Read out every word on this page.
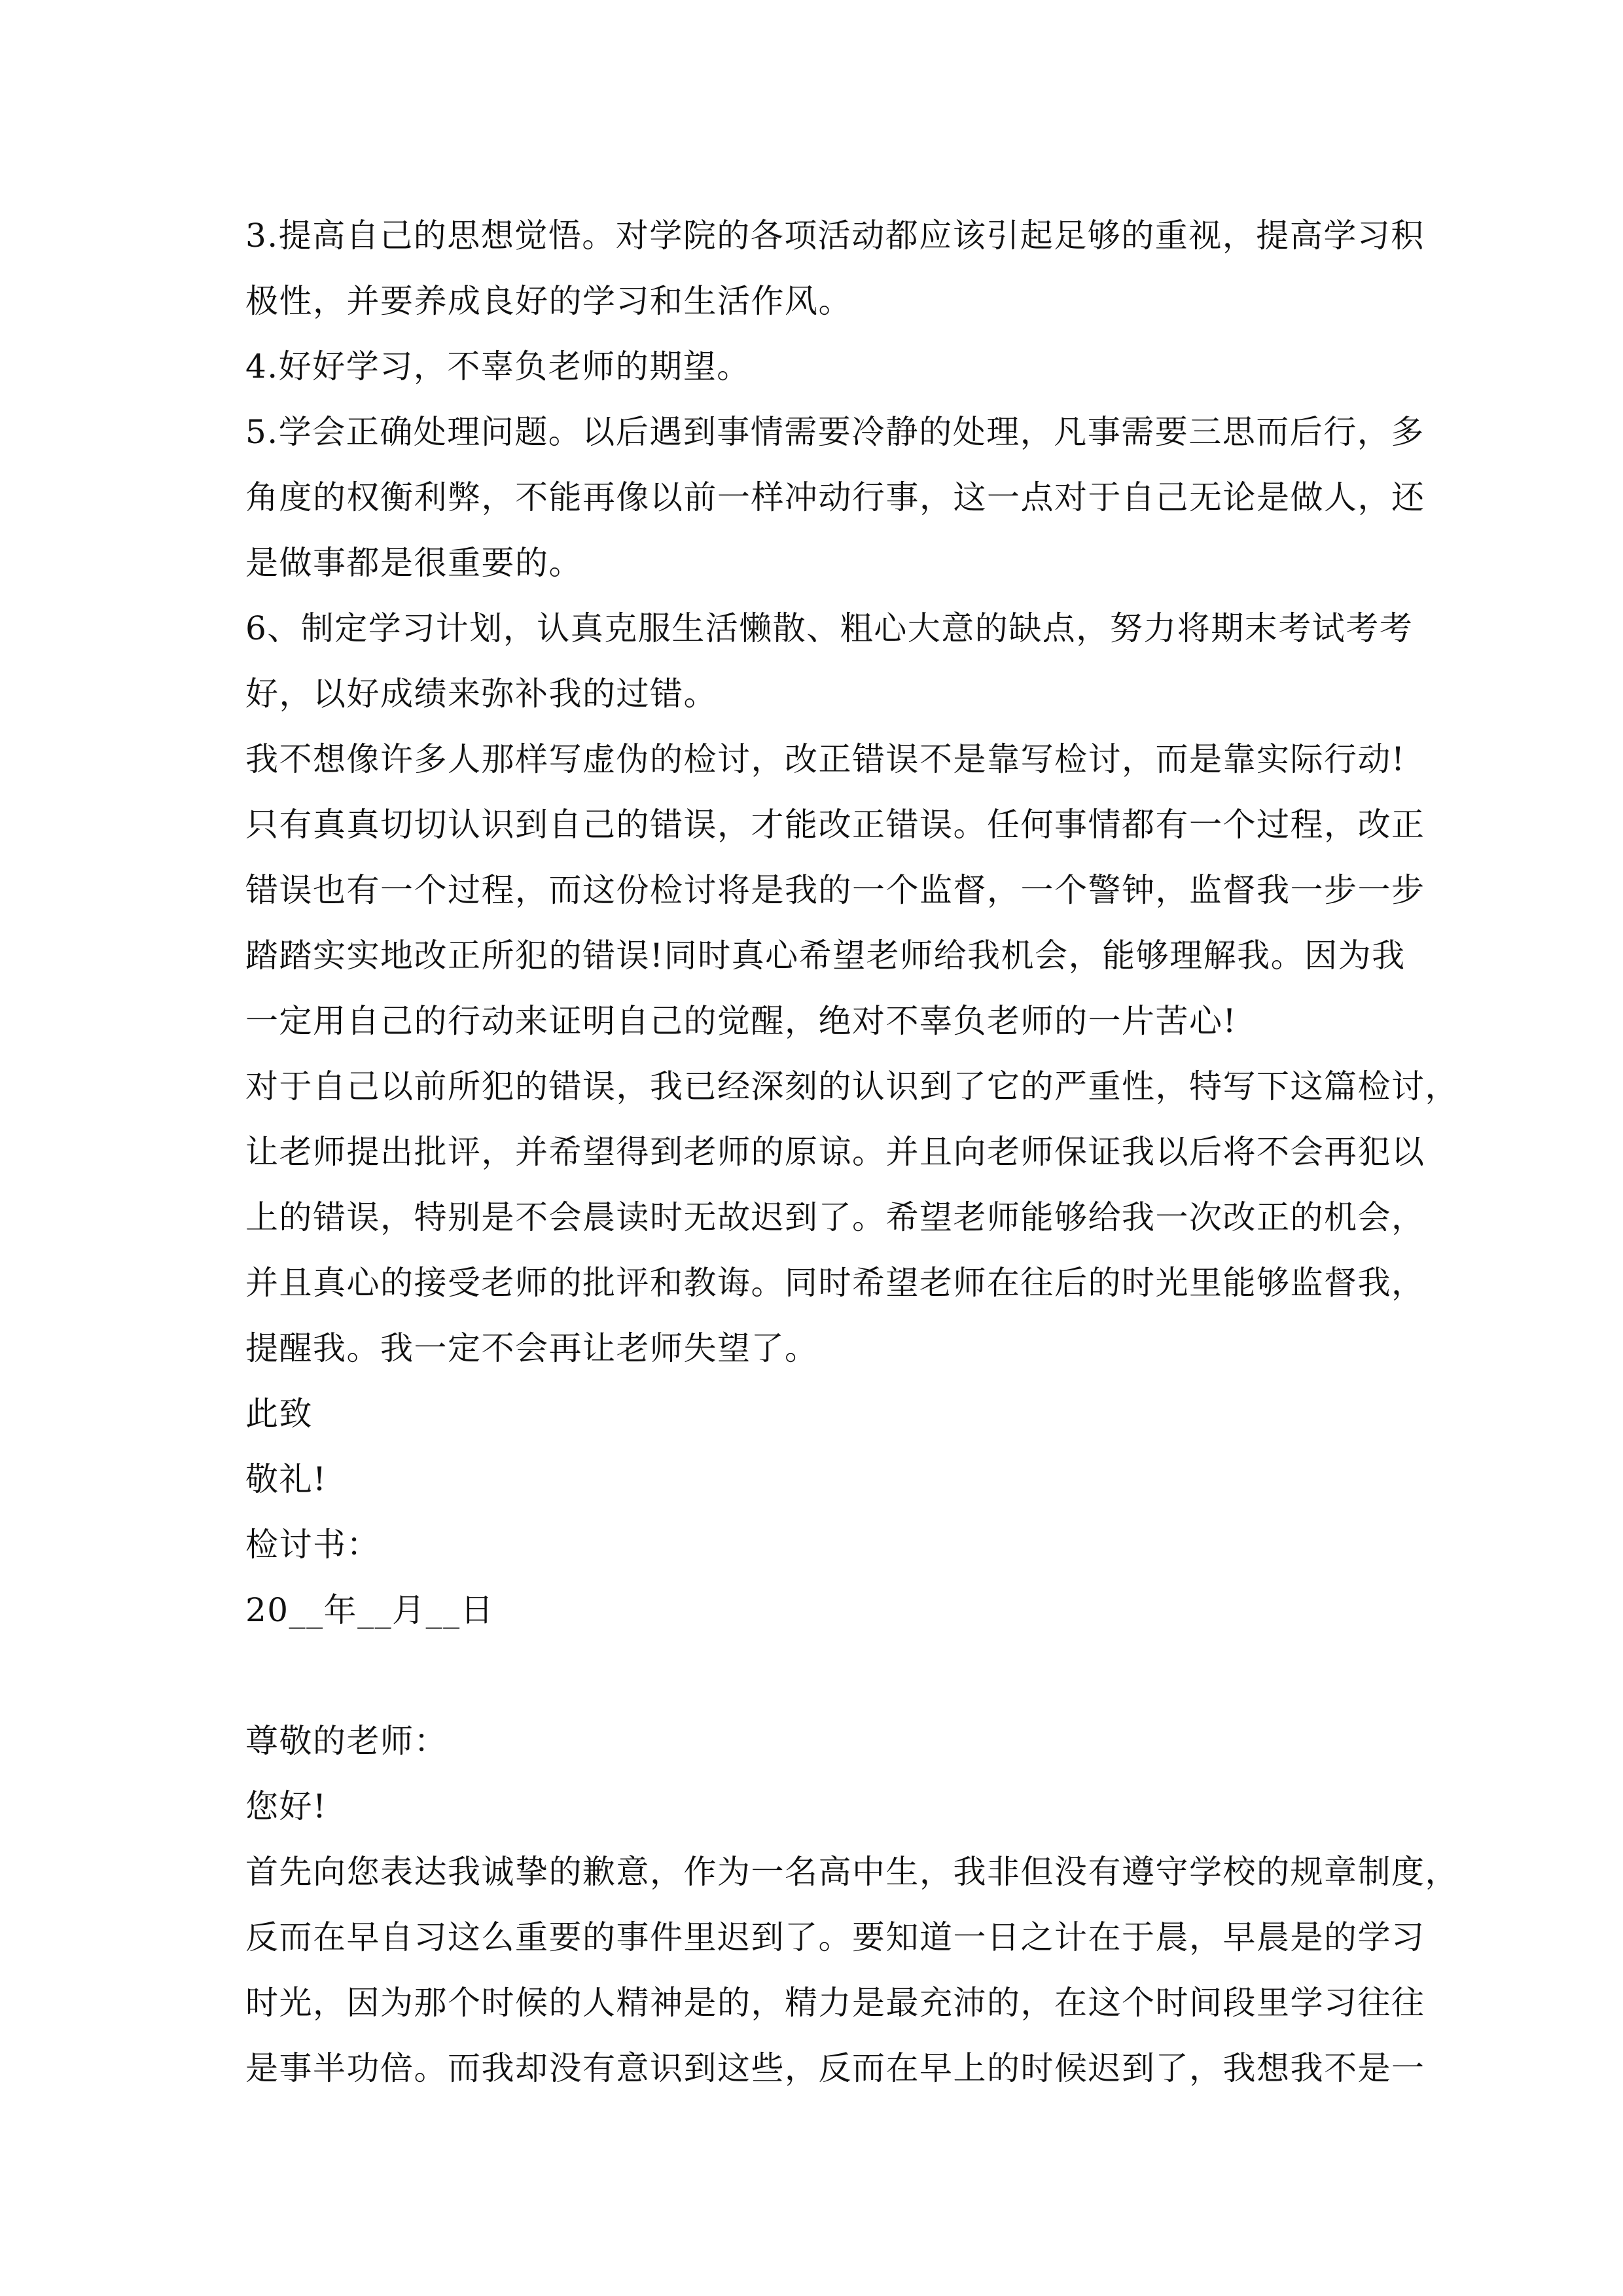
3.提高自己的思想觉悟。对学院的各项活动都应该引起足够的重视，提高学习积
极性，并要养成良好的学习和生活作风。
4.好好学习，不辜负老师的期望。
5.学会正确处理问题。以后遇到事情需要冷静的处理，凡事需要三思而后行，多
角度的权衡利弊，不能再像以前一样冲动行事，这一点对于自己无论是做人，还
是做事都是很重要的。
6、制定学习计划，认真克服生活懒散、粗心大意的缺点，努力将期末考试考考
好，以好成绩来弥补我的过错。
我不想像许多人那样写虚伪的检讨，改正错误不是靠写检讨，而是靠实际行动!
只有真真切切认识到自己的错误，才能改正错误。任何事情都有一个过程，改正
错误也有一个过程，而这份检讨将是我的一个监督，一个警钟，监督我一步一步
踏踏实实地改正所犯的错误!同时真心希望老师给我机会，能够理解我。因为我
一定用自己的行动来证明自己的觉醒，绝对不辜负老师的一片苦心!
对于自己以前所犯的错误，我已经深刻的认识到了它的严重性，特写下这篇检讨，
让老师提出批评，并希望得到老师的原谅。并且向老师保证我以后将不会再犯以
上的错误，特别是不会晨读时无故迟到了。希望老师能够给我一次改正的机会，
并且真心的接受老师的批评和教诲。同时希望老师在往后的时光里能够监督我，
提醒我。我一定不会再让老师失望了。
此致
敬礼!
检讨书：
20__年__月__日
尊敬的老师：
您好!
首先向您表达我诚挚的歉意，作为一名高中生，我非但没有遵守学校的规章制度，
反而在早自习这么重要的事件里迟到了。要知道一日之计在于晨，早晨是的学习
时光，因为那个时候的人精神是的，精力是最充沛的，在这个时间段里学习往往
是事半功倍。而我却没有意识到这些，反而在早上的时候迟到了，我想我不是一
